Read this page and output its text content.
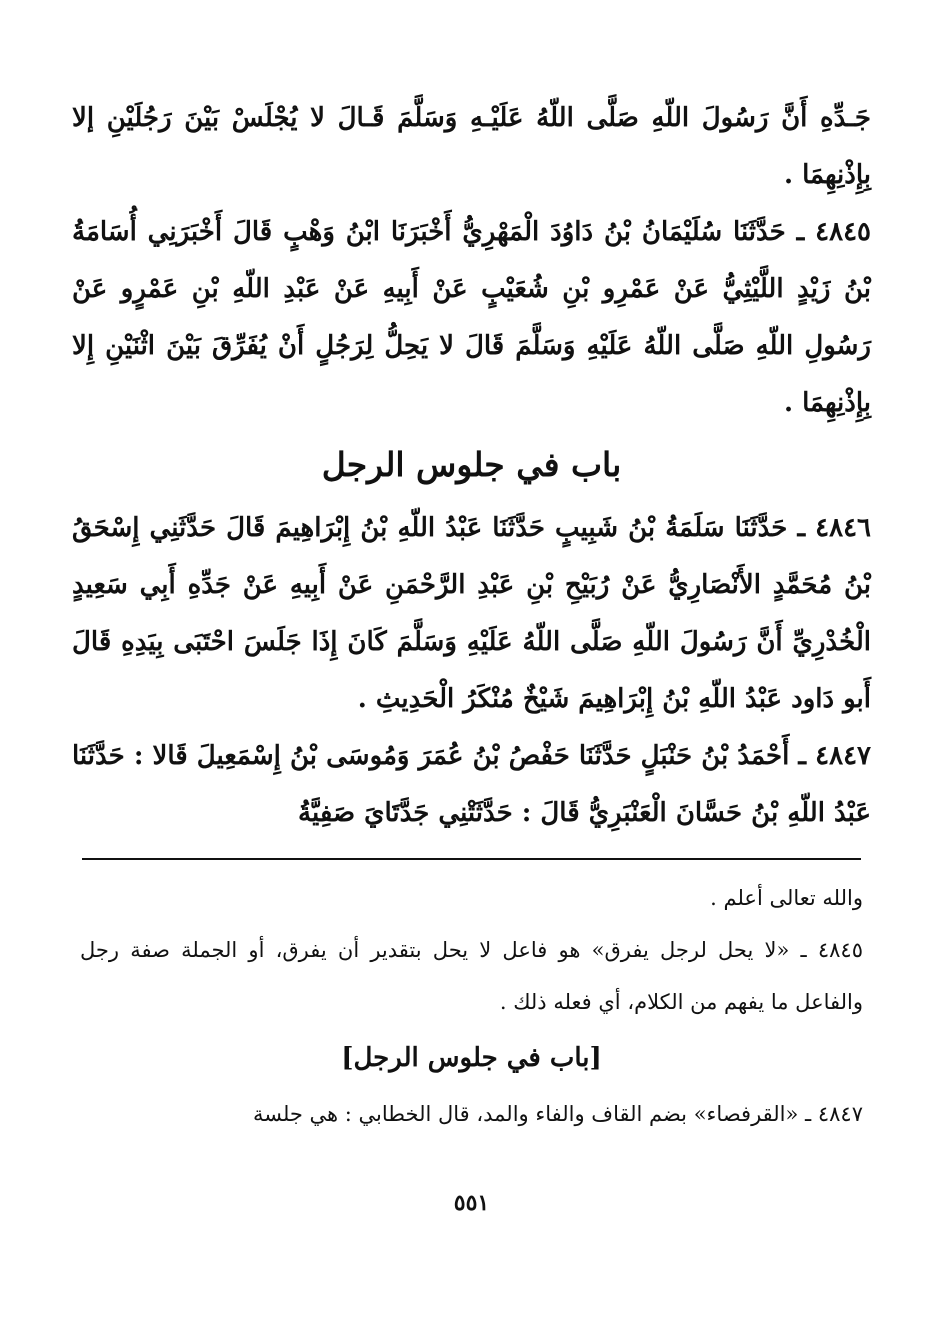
جَـدِّهِ أَنَّ رَسُولَ اللّهِ صَلَّى اللّهُ عَلَيْـهِ وَسَلَّمَ قَـالَ لا يُجْلَسْ بَيْنَ رَجُلَيْنِ إلا بِإِذْنِهِمَا .

٤٨٤٥ ـ حَدَّثَنَا سُلَيْمَانُ بْنُ دَاوُدَ الْمَهْرِيُّ أَخْبَرَنَا ابْنُ وَهْبٍ قَالَ أَخْبَرَنِي أُسَامَةُ بْنُ زَيْدٍ اللَّيْثِيُّ عَنْ عَمْرِو بْنِ شُعَيْبٍ عَنْ أَبِيهِ عَنْ عَبْدِ اللّهِ بْنِ عَمْرٍو عَنْ رَسُولِ اللّهِ صَلَّى اللّهُ عَلَيْهِ وَسَلَّمَ قَالَ لا يَحِلُّ لِرَجُلٍ أَنْ يُفَرِّقَ بَيْنَ اثْنَيْنِ إِلا بِإِذْنِهِمَا .

باب في جلوس الرجل

٤٨٤٦ ـ حَدَّثَنَا سَلَمَةُ بْنُ شَبِيبٍ حَدَّثَنَا عَبْدُ اللّهِ بْنُ إِبْرَاهِيمَ قَالَ حَدَّثَنِي إِسْحَقُ بْنُ مُحَمَّدٍ الأَنْصَارِيُّ عَنْ رُبَيْحِ بْنِ عَبْدِ الرَّحْمَنِ عَنْ أَبِيهِ عَنْ جَدِّهِ أَبِي سَعِيدٍ الْخُدْرِيِّ أَنَّ رَسُولَ اللّهِ صَلَّى اللّهُ عَلَيْهِ وَسَلَّمَ كَانَ إِذَا جَلَسَ احْتَبَى بِيَدِهِ قَالَ أَبو دَاود عَبْدُ اللّهِ بْنُ إِبْرَاهِيمَ شَيْخٌ مُنْكَرُ الْحَدِيثِ .

٤٨٤٧ ـ أَحْمَدُ بْنُ حَنْبَلٍ حَدَّثَنَا حَفْصُ بْنُ عُمَرَ وَمُوسَى بْنُ إِسْمَعِيلَ قَالا : حَدَّثَنَا عَبْدُ اللّهِ بْنُ حَسَّانَ الْعَنْبَرِيُّ قَالَ : حَدَّثَتْنِي جَدَّتَايَ صَفِيَّةُ

والله تعالى أعلم .

٤٨٤٥ ـ «لا يحل لرجل يفرق» هو فاعل لا يحل بتقدير أن يفرق، أو الجملة صفة رجل والفاعل ما يفهم من الكلام، أي فعله ذلك .

[باب في جلوس الرجل]

٤٨٤٧ ـ «القرفصاء» بضم القاف والفاء والمد، قال الخطابي : هي جلسة

٥٥١
